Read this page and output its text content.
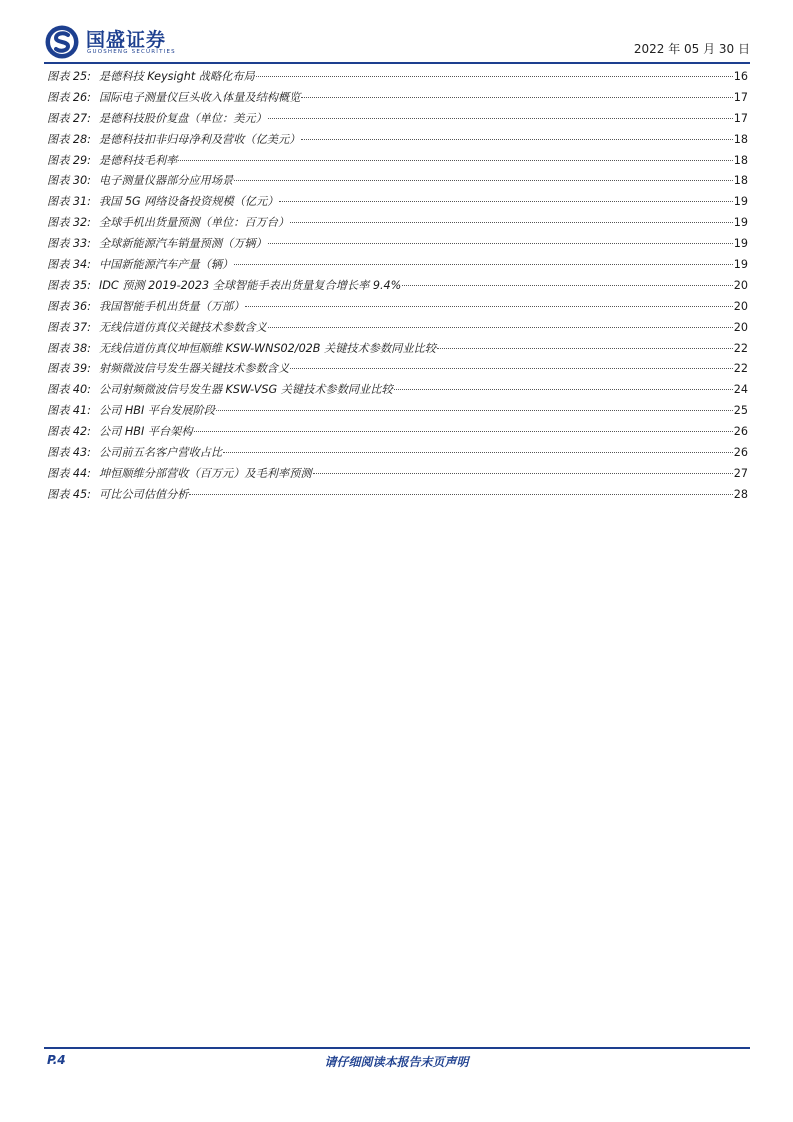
国盛证券
GUOSHENG SECURITIES	2022 年 05 月 30 日
图表 25: 是德科技 Keysight 战略化布局	16
图表 26: 国际电子测量仪巨头收入体量及结构概览	17
图表 27: 是德科技股价复盘（单位：美元）	17
图表 28: 是德科技扣非归母净利及营收（亿美元）	18
图表 29: 是德科技毛利率	18
图表 30: 电子测量仪器部分应用场景	18
图表 31: 我国 5G 网络设备投资规模（亿元）	19
图表 32: 全球手机出货量预测（单位：百万台）	19
图表 33: 全球新能源汽车销量预测（万辆）	19
图表 34: 中国新能源汽车产量（辆）	19
图表 35: IDC 预测 2019-2023 全球智能手表出货量复合增长率 9.4%	20
图表 36: 我国智能手机出货量（万部）	20
图表 37: 无线信道仿真仪关键技术参数含义	20
图表 38: 无线信道仿真仪坤恒顺维 KSW-WNS02/02B 关键技术参数同业比较	22
图表 39: 射频微波信号发生器关键技术参数含义	22
图表 40: 公司射频微波信号发生器 KSW-VSG 关键技术参数同业比较	24
图表 41: 公司 HBI 平台发展阶段	25
图表 42: 公司 HBI 平台架构	26
图表 43: 公司前五名客户营收占比	26
图表 44: 坤恒顺维分部营收（百万元）及毛利率预测	27
图表 45: 可比公司估值分析	28
请仔细阅读本报告末页声明
P.4
